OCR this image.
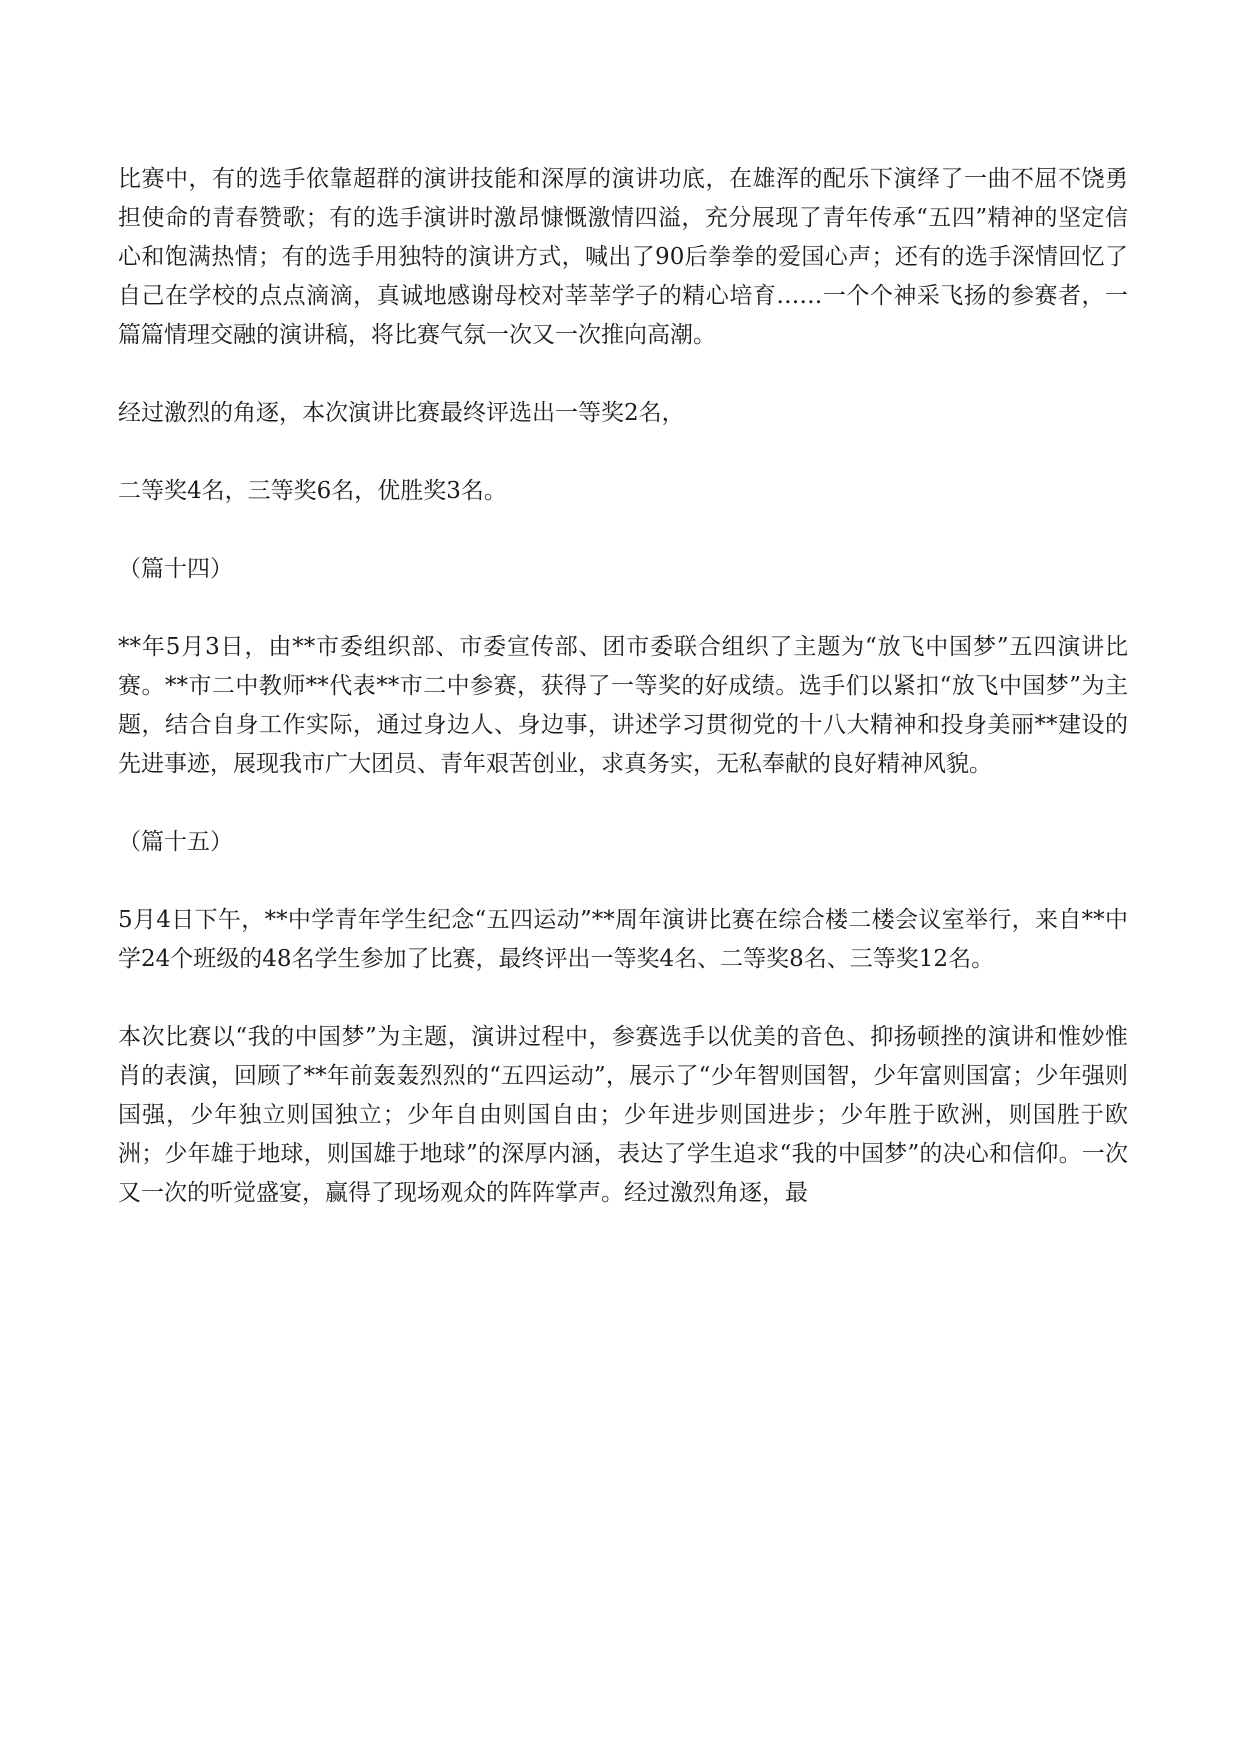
比赛中，有的选手依靠超群的演讲技能和深厚的演讲功底，在雄浑的配乐下演绎了一曲不屈不饶勇担使命的青春赞歌；有的选手演讲时激昂慷慨激情四溢，充分展现了青年传承“五四”精神的坚定信心和饱满热情；有的选手用独特的演讲方式，喊出了90后拳拳的爱国心声；还有的选手深情回忆了自己在学校的点点滴滴，真诚地感谢母校对莘莘学子的精心培育……一个个神采飞扬的参赛者，一篇篇情理交融的演讲稿，将比赛气氛一次又一次推向高潮。

经过激烈的角逐，本次演讲比赛最终评选出一等奖2名，

二等奖4名，三等奖6名，优胜奖3名。

（篇十四）

**年5月3日，由**市委组织部、市委宣传部、团市委联合组织了主题为“放飞中国梦”五四演讲比赛。**市二中教师**代表**市二中参赛，获得了一等奖的好成绩。选手们以紧扣“放飞中国梦”为主题，结合自身工作实际，通过身边人、身边事，讲述学习贯彻党的十八大精神和投身美丽**建设的先进事迹，展现我市广大团员、青年艰苦创业，求真务实，无私奉献的良好精神风貌。

（篇十五）

5月4日下午，**中学青年学生纪念“五四运动”**周年演讲比赛在综合楼二楼会议室举行，来自**中学24个班级的48名学生参加了比赛，最终评出一等奖4名、二等奖8名、三等奖12名。

本次比赛以“我的中国梦”为主题，演讲过程中，参赛选手以优美的音色、抑扬顿挫的演讲和惟妙惟肖的表演，回顾了**年前轰轰烈烈的“五四运动”，展示了“少年智则国智，少年富则国富；少年强则国强，少年独立则国独立；少年自由则国自由；少年进步则国进步；少年胜于欧洲，则国胜于欧洲；少年雄于地球，则国雄于地球”的深厚内涵，表达了学生追求“我的中国梦”的决心和信仰。一次又一次的听觉盛宴，赢得了现场观众的阵阵掌声。经过激烈角逐，最
